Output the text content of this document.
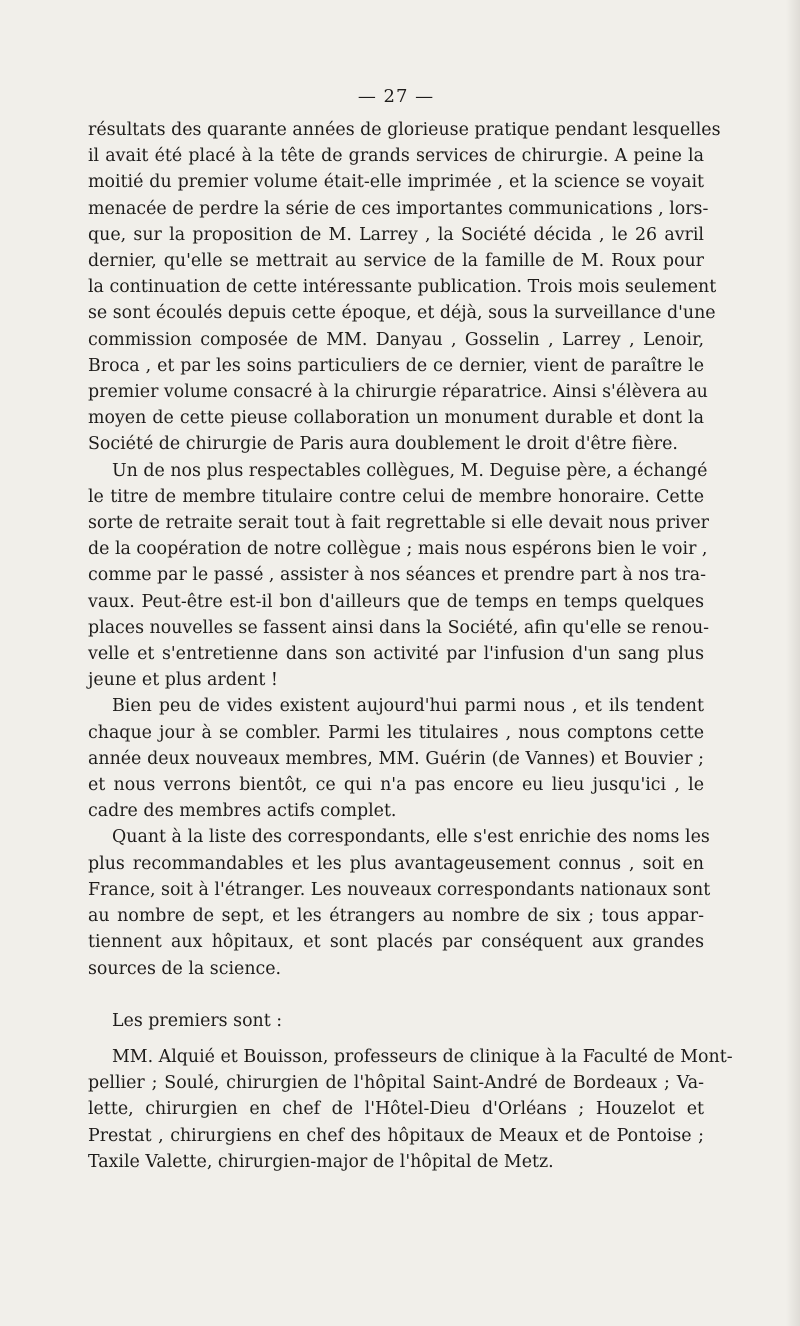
— 27 —

résultats des quarante années de glorieuse pratique pendant lesquelles
il avait été placé à la tête de grands services de chirurgie. A peine la
moitié du premier volume était-elle imprimée , et la science se voyait
menacée de perdre la série de ces importantes communications , lors-
que, sur la proposition de M. Larrey , la Société décida , le 26 avril
dernier, qu'elle se mettrait au service de la famille de M. Roux pour
la continuation de cette intéressante publication. Trois mois seulement
se sont écoulés depuis cette époque, et déjà, sous la surveillance d'une
commission composée de MM. Danyau , Gosselin , Larrey , Lenoir,
Broca , et par les soins particuliers de ce dernier, vient de paraître le
premier volume consacré à la chirurgie réparatrice. Ainsi s'élèvera au
moyen de cette pieuse collaboration un monument durable et dont la
Société de chirurgie de Paris aura doublement le droit d'être fière.

Un de nos plus respectables collègues, M. Deguise père, a échangé
le titre de membre titulaire contre celui de membre honoraire. Cette
sorte de retraite serait tout à fait regrettable si elle devait nous priver
de la coopération de notre collègue ; mais nous espérons bien le voir ,
comme par le passé , assister à nos séances et prendre part à nos tra-
vaux. Peut-être est-il bon d'ailleurs que de temps en temps quelques
places nouvelles se fassent ainsi dans la Société, afin qu'elle se renou-
velle et s'entretienne dans son activité par l'infusion d'un sang plus
jeune et plus ardent !

Bien peu de vides existent aujourd'hui parmi nous , et ils tendent
chaque jour à se combler. Parmi les titulaires , nous comptons cette
année deux nouveaux membres, MM. Guérin (de Vannes) et Bouvier ;
et nous verrons bientôt, ce qui n'a pas encore eu lieu jusqu'ici , le
cadre des membres actifs complet.

Quant à la liste des correspondants, elle s'est enrichie des noms les
plus recommandables et les plus avantageusement connus , soit en
France, soit à l'étranger. Les nouveaux correspondants nationaux sont
au nombre de sept, et les étrangers au nombre de six ; tous appar-
tiennent aux hôpitaux, et sont placés par conséquent aux grandes
sources de la science.

Les premiers sont :

MM. Alquié et Bouisson, professeurs de clinique à la Faculté de Mont-
pellier ; Soulé, chirurgien de l'hôpital Saint-André de Bordeaux ; Va-
lette, chirurgien en chef de l'Hôtel-Dieu d'Orléans ; Houzelot et
Prestat , chirurgiens en chef des hôpitaux de Meaux et de Pontoise ;
Taxile Valette, chirurgien-major de l'hôpital de Metz.
